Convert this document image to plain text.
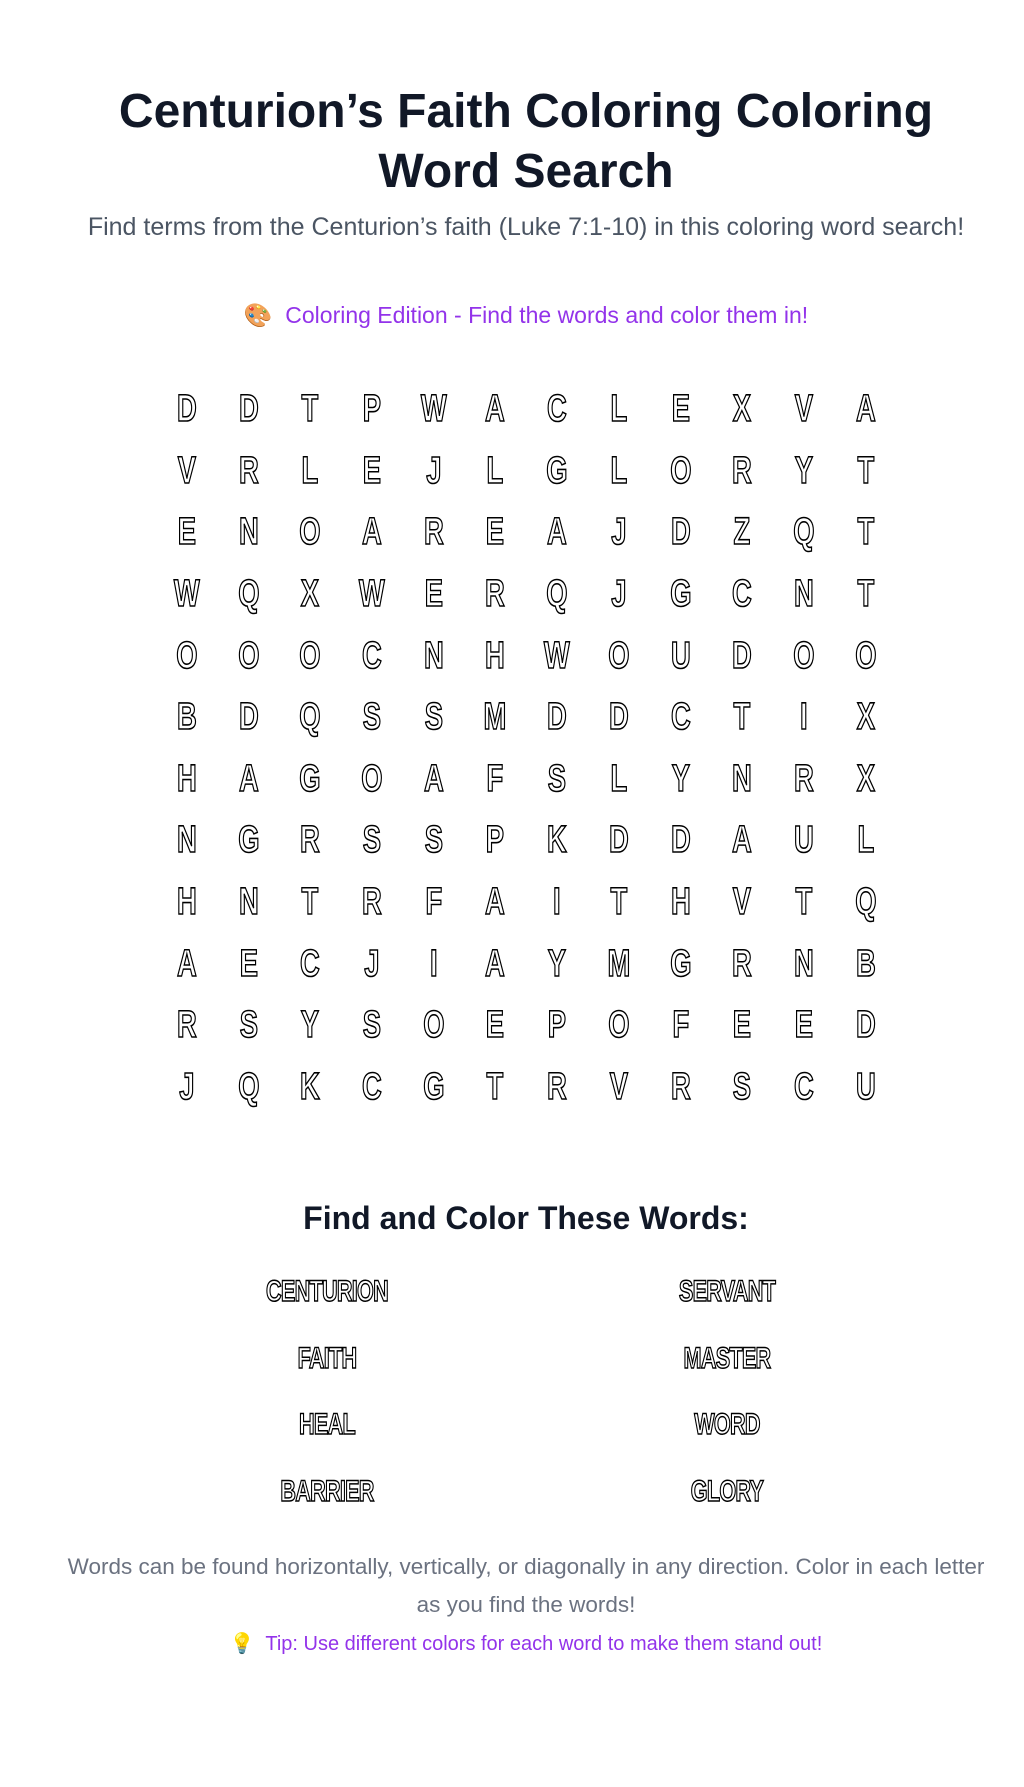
Centurion’s Faith Coloring Coloring Word Search
Find terms from the Centurion’s faith (Luke 7:1-10) in this coloring word search!
🎨 Coloring Edition - Find the words and color them in!
D	D	T	P	W	A	C	L	E	X	V	A
V	R	L	E	J	L	G	L	O	R	Y	T
E	N	O	A	R	E	A	J	D	Z	Q	T
W	Q	X	W	E	R	Q	J	G	C	N	T
O	O	O	C	N	H	W	O	U	D	O	O
B	D	Q	S	S	M	D	D	C	T	I	X
H	A	G	O	A	F	S	L	Y	N	R	X
N	G	R	S	S	P	K	D	D	A	U	L
H	N	T	R	F	A	I	T	H	V	T	Q
A	E	C	J	I	A	Y	M	G	R	N	B
R	S	Y	S	O	E	P	O	F	E	E	D
J	Q	K	C	G	T	R	V	R	S	C	U
Find and Color These Words:
CENTURION	SERVANT
FAITH	MASTER
HEAL	WORD
BARRIER	GLORY
Words can be found horizontally, vertically, or diagonally in any direction. Color in each letter as you find the words!
💡 Tip: Use different colors for each word to make them stand out!
